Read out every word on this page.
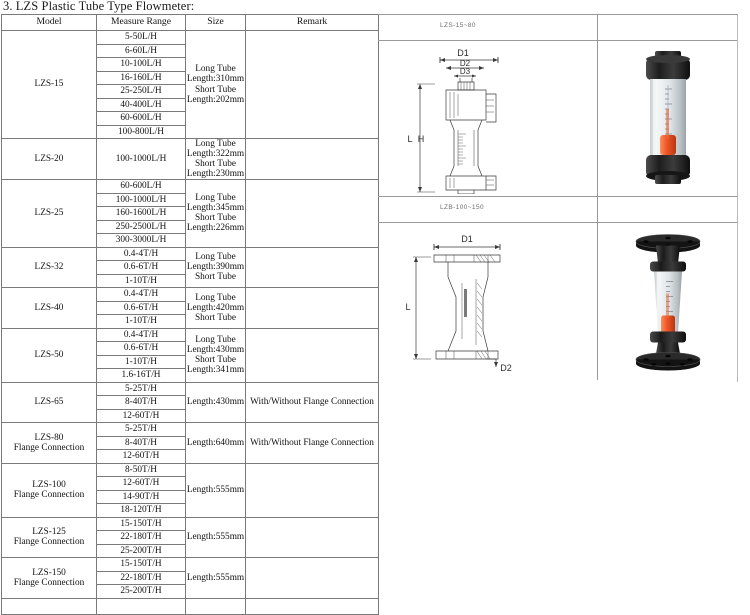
3. LZS Plastic Tube Type Flowmeter:
Model	Measure Range	Size	Remark	

LZS-15	5-50L/H	Long Tube
Length:310mm
Short Tube
Length:202mm		

	6-60L/H			
	10-100L/H			
	16-160L/H			
	25-250L/H			
	40-400L/H			
	60-600L/H			
	100-800L/H			

LZS-20	100-1000L/H	Long Tube
Length:322mm
Short Tube
Length:230mm		

LZS-25	60-600L/H	Long Tube
Length:345mm
Short Tube
Length:226mm		

	100-1000L/H			
	160-1600L/H			
	250-2500L/H			
	300-3000L/H			

LZS-32	0.4-4T/H	Long Tube
Length:390mm
Short Tube		

	0.6-6T/H			
	1-10T/H			

LZS-40	0.4-4T/H	Long Tube
Length:420mm
Short Tube		

	0.6-6T/H			
	1-10T/H			

LZS-50	0.4-4T/H	Long Tube
Length:430mm
Short Tube
Length:341mm		

	0.6-6T/H			
	1-10T/H			
	1.6-16T/H			

LZS-65	5-25T/H	Length:430mm	With/Without Flange Connection	
	8-40T/H			
	12-60T/H			

LZS-80
Flange Connection	5-25T/H	Length:640mm	With/Without Flange Connection	
	8-40T/H			
	12-60T/H			

LZS-100
Flange Connection	8-50T/H	Length:555mm		

	12-60T/H			
	14-90T/H			
	18-120T/H			

LZS-125
Flange Connection	15-150T/H	Length:555mm		

	22-180T/H			
	25-200T/H			

LZS-150
Flange Connection	15-150T/H	Length:555mm		

	22-180T/H			
	25-200T/H			

LZS-15~80
D1
D2
D3
L H
LZB-100~150
D1
D2
L
